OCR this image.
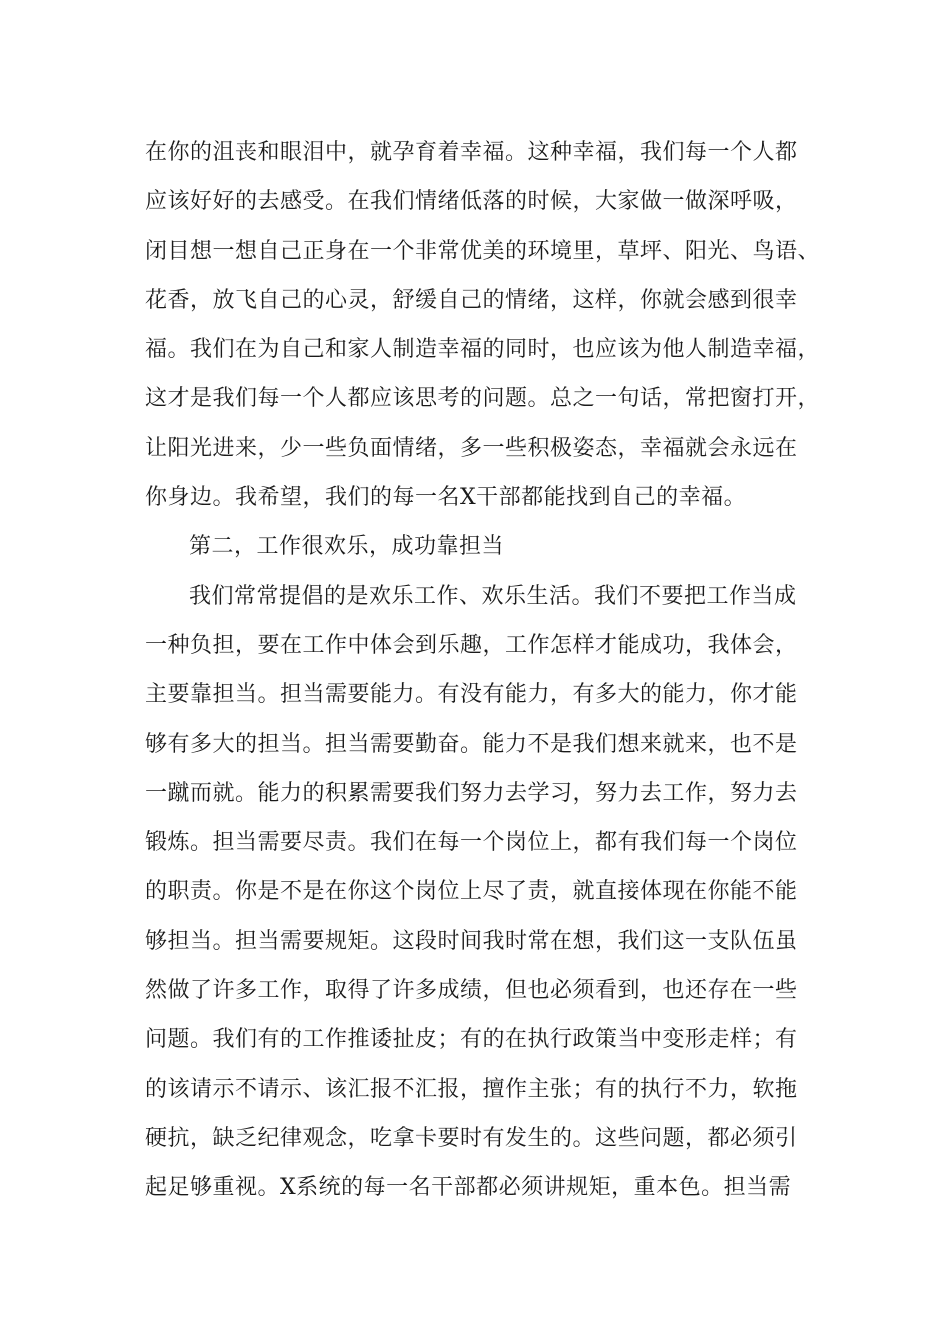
在你的沮丧和眼泪中，就孕育着幸福。这种幸福，我们每一个人都
应该好好的去感受。在我们情绪低落的时候，大家做一做深呼吸，
闭目想一想自己正身在一个非常优美的环境里，草坪、阳光、鸟语、
花香，放飞自己的心灵，舒缓自己的情绪，这样，你就会感到很幸
福。我们在为自己和家人制造幸福的同时，也应该为他人制造幸福，
这才是我们每一个人都应该思考的问题。总之一句话，常把窗打开，
让阳光进来，少一些负面情绪，多一些积极姿态，幸福就会永远在
你身边。我希望，我们的每一名X干部都能找到自己的幸福。
第二，工作很欢乐，成功靠担当
我们常常提倡的是欢乐工作、欢乐生活。我们不要把工作当成
一种负担，要在工作中体会到乐趣，工作怎样才能成功，我体会，
主要靠担当。担当需要能力。有没有能力，有多大的能力，你才能
够有多大的担当。担当需要勤奋。能力不是我们想来就来，也不是
一蹴而就。能力的积累需要我们努力去学习，努力去工作，努力去
锻炼。担当需要尽责。我们在每一个岗位上，都有我们每一个岗位
的职责。你是不是在你这个岗位上尽了责，就直接体现在你能不能
够担当。担当需要规矩。这段时间我时常在想，我们这一支队伍虽
然做了许多工作，取得了许多成绩，但也必须看到，也还存在一些
问题。我们有的工作推诿扯皮；有的在执行政策当中变形走样；有
的该请示不请示、该汇报不汇报，擅作主张；有的执行不力，软拖
硬抗，缺乏纪律观念，吃拿卡要时有发生的。这些问题，都必须引
起足够重视。X系统的每一名干部都必须讲规矩，重本色。担当需
